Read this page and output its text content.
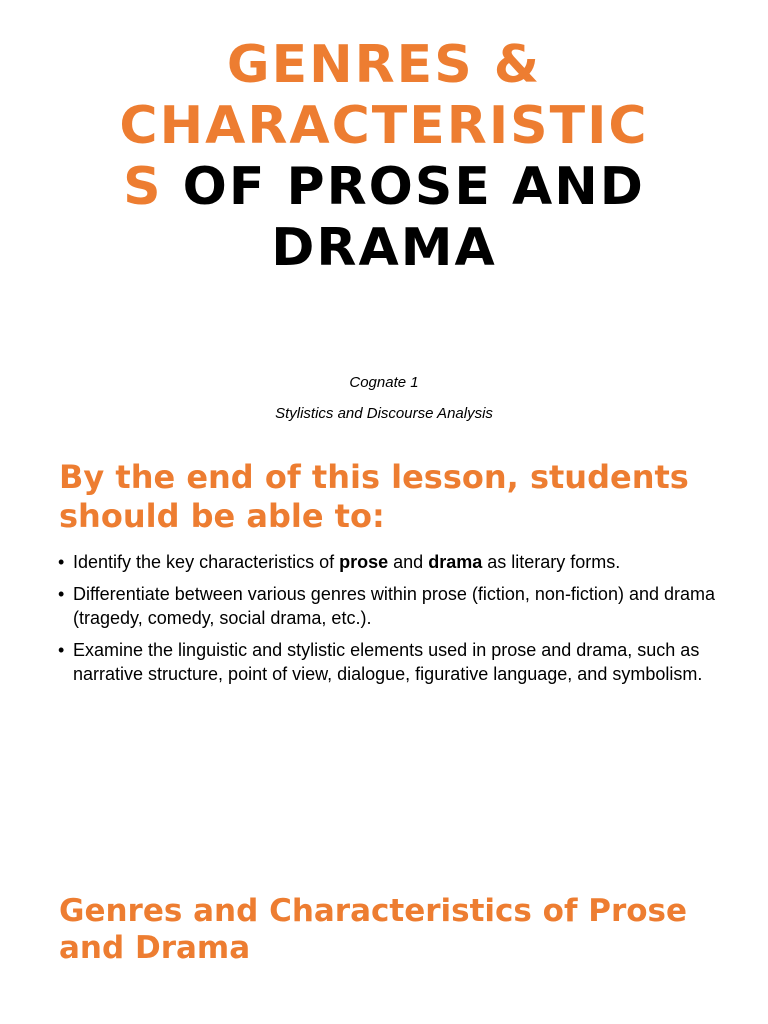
GENRES &
CHARACTERISTIC
S OF PROSE AND
DRAMA

Cognate 1

Stylistics and Discourse Analysis

By the end of this lesson, students should be able to:
• Identify the key characteristics of prose and drama as literary forms.
• Differentiate between various genres within prose (fiction, non-fiction) and drama (tragedy, comedy, social drama, etc.).
• Examine the linguistic and stylistic elements used in prose and drama, such as narrative structure, point of view, dialogue, figurative language, and symbolism.
Genres and Characteristics of Prose and Drama
